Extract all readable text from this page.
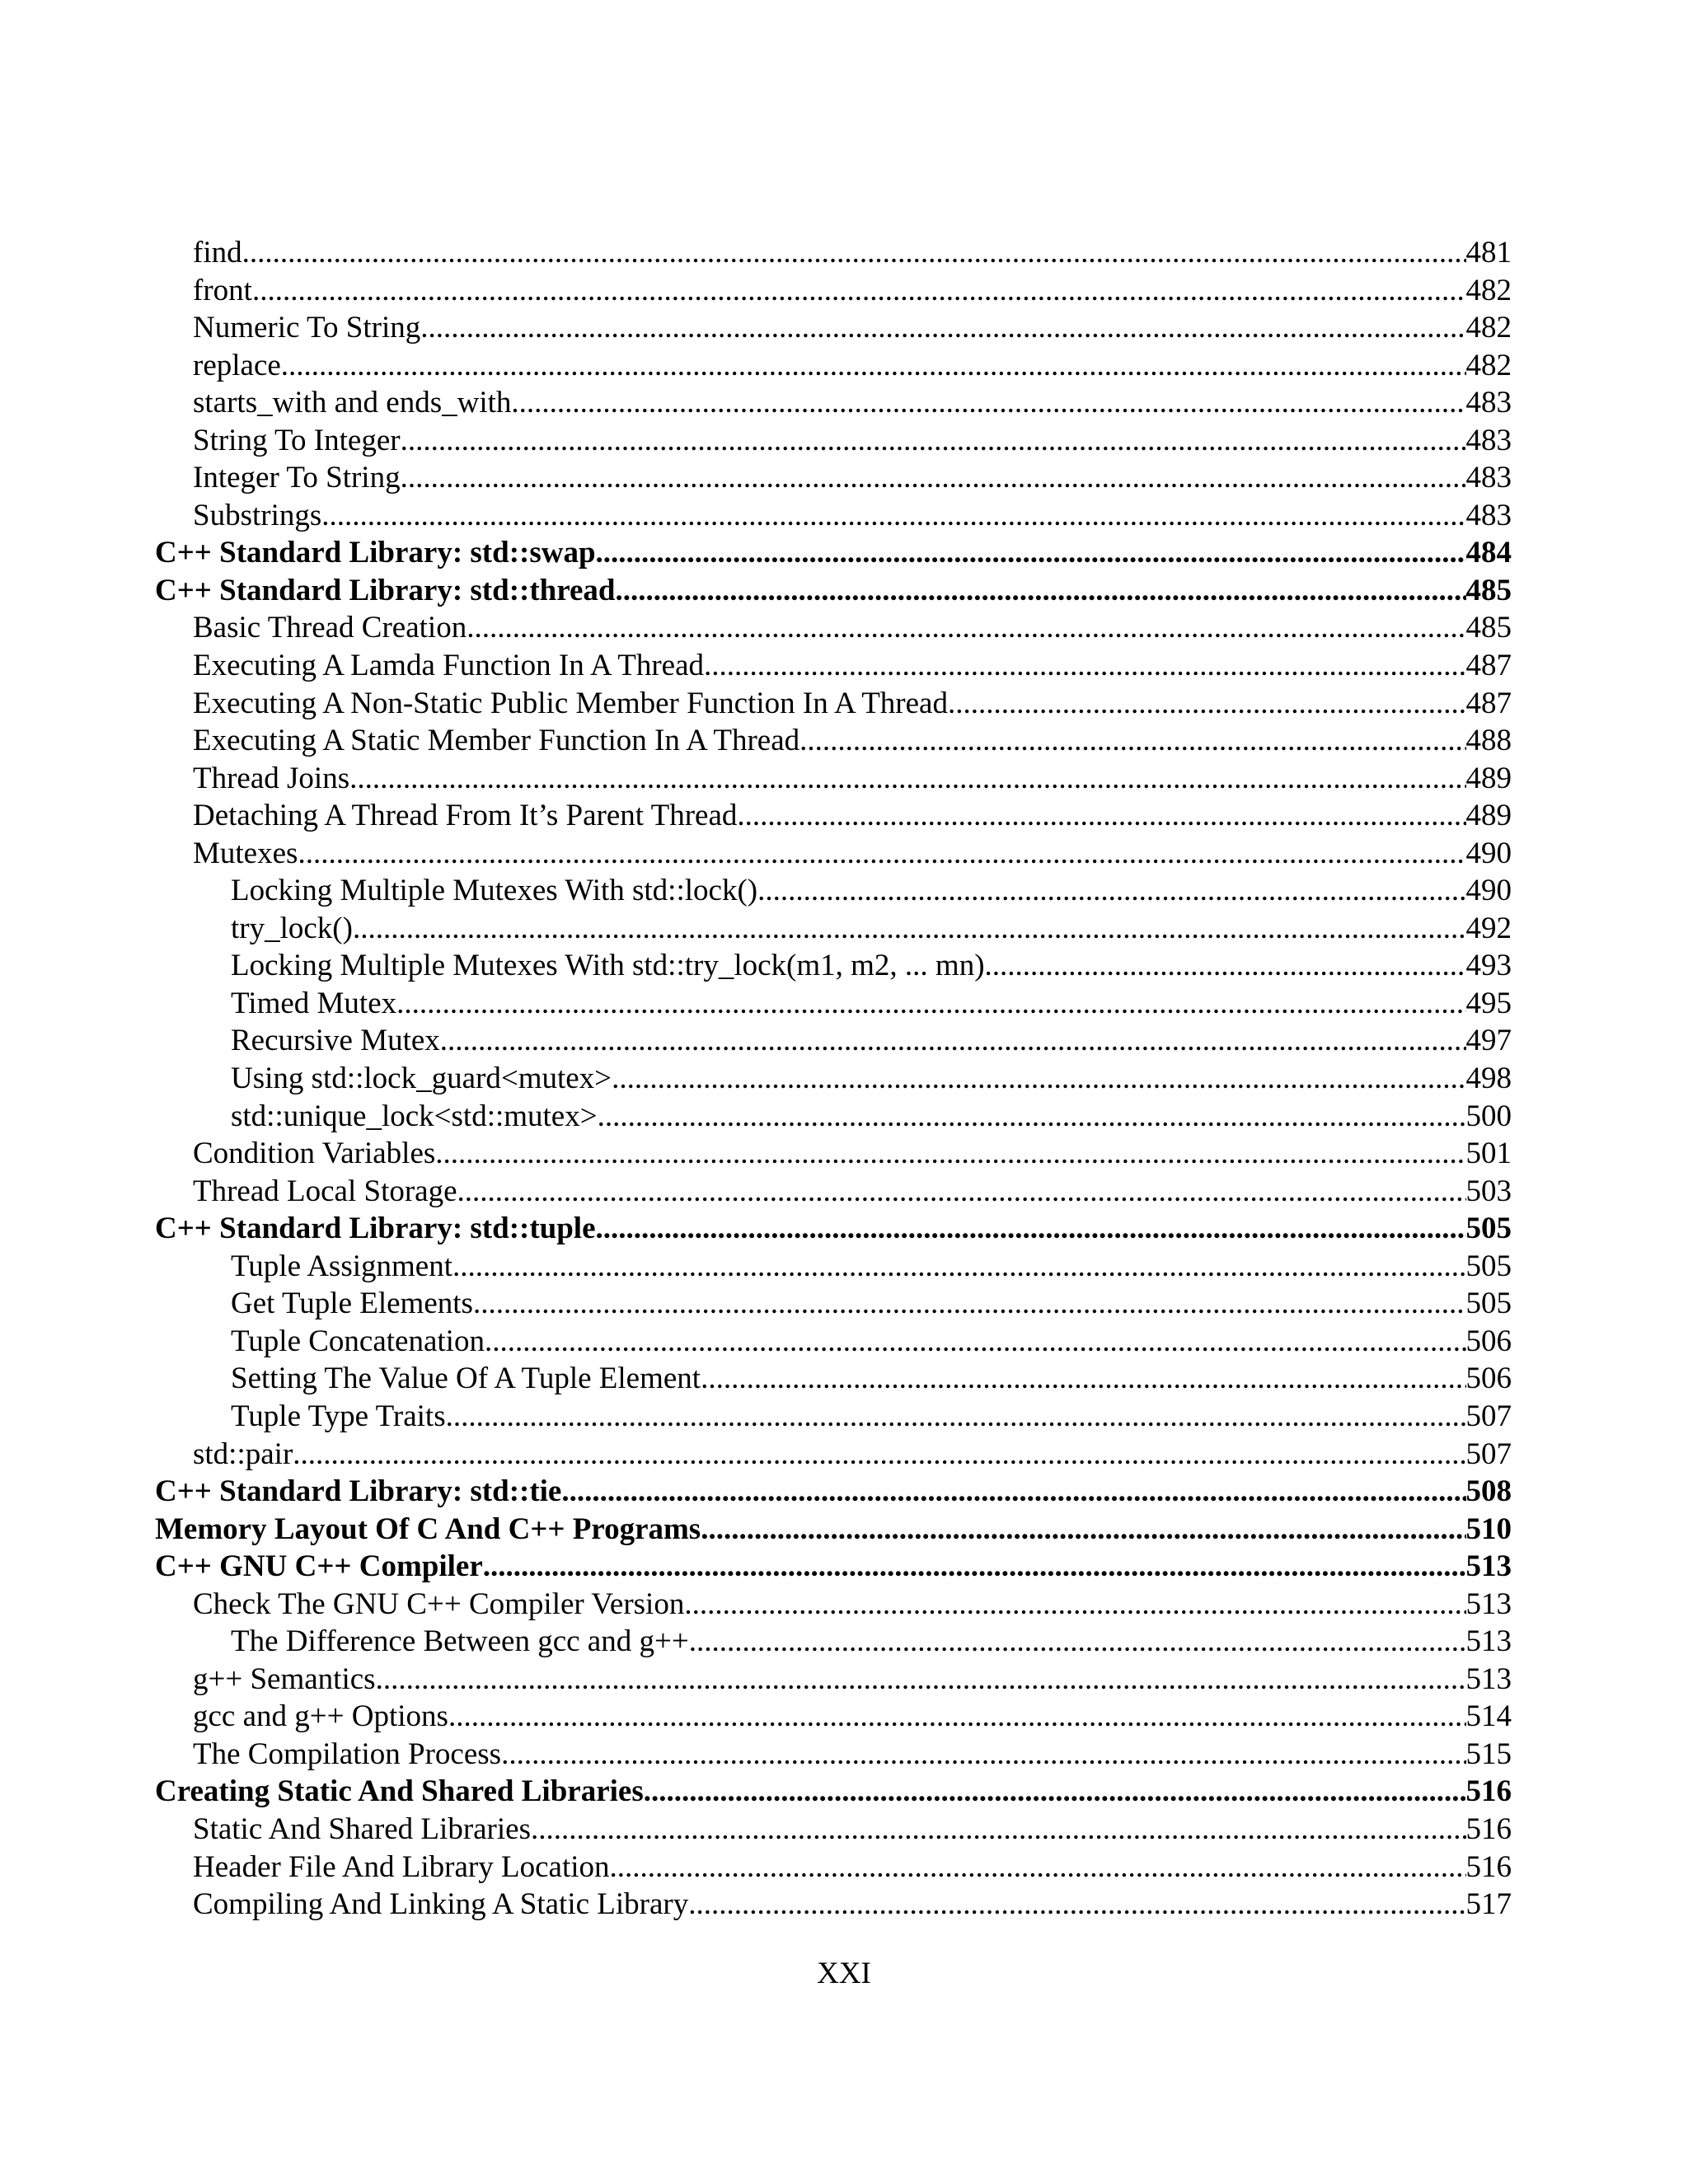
find .....	481
front .....	482
Numeric To String .....	482
replace .....	482
starts_with and ends_with .....	483
String To Integer .....	483
Integer To String .....	483
Substrings .....	483
C++ Standard Library: std::swap .....	484
C++ Standard Library: std::thread .....	485
Basic Thread Creation .....	485
Executing A Lamda Function In A Thread .....	487
Executing A Non-Static Public Member Function In A Thread .....	487
Executing A Static Member Function In A Thread .....	488
Thread Joins .....	489
Detaching A Thread From It’s Parent Thread .....	489
Mutexes .....	490
Locking Multiple Mutexes With std::lock() .....	490
try_lock() .....	492
Locking Multiple Mutexes With std::try_lock(m1, m2, ... mn) .....	493
Timed Mutex .....	495
Recursive Mutex .....	497
Using std::lock_guard<mutex> .....	498
std::unique_lock<std::mutex> .....	500
Condition Variables .....	501
Thread Local Storage .....	503
C++ Standard Library: std::tuple .....	505
Tuple Assignment .....	505
Get Tuple Elements .....	505
Tuple Concatenation .....	506
Setting The Value Of A Tuple Element .....	506
Tuple Type Traits .....	507
std::pair .....	507
C++ Standard Library: std::tie .....	508
Memory Layout Of C And C++ Programs .....	510
C++ GNU C++ Compiler .....	513
Check The GNU C++ Compiler Version .....	513
The Difference Between gcc and g++ .....	513
g++ Semantics .....	513
gcc and g++ Options .....	514
The Compilation Process .....	515
Creating Static And Shared Libraries .....	516
Static And Shared Libraries .....	516
Header File And Library Location .....	516
Compiling And Linking A Static Library .....	517
XXI
